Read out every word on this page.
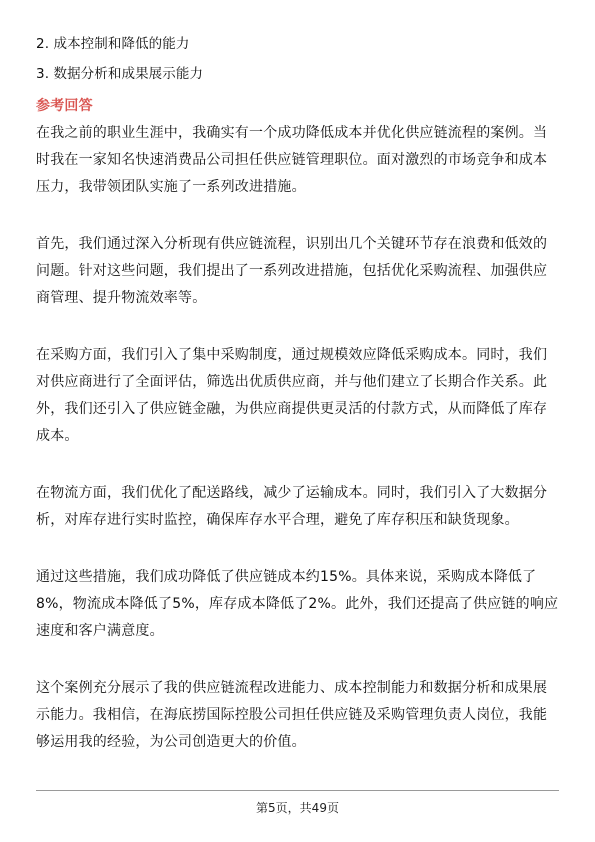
2. 成本控制和降低的能力
3. 数据分析和成果展示能力
参考回答
在我之前的职业生涯中，我确实有一个成功降低成本并优化供应链流程的案例。当
时我在一家知名快速消费品公司担任供应链管理职位。面对激烈的市场竞争和成本
压力，我带领团队实施了一系列改进措施。
首先，我们通过深入分析现有供应链流程，识别出几个关键环节存在浪费和低效的
问题。针对这些问题，我们提出了一系列改进措施，包括优化采购流程、加强供应
商管理、提升物流效率等。
在采购方面，我们引入了集中采购制度，通过规模效应降低采购成本。同时，我们
对供应商进行了全面评估，筛选出优质供应商，并与他们建立了长期合作关系。此
外，我们还引入了供应链金融，为供应商提供更灵活的付款方式，从而降低了库存
成本。
在物流方面，我们优化了配送路线，减少了运输成本。同时，我们引入了大数据分
析，对库存进行实时监控，确保库存水平合理，避免了库存积压和缺货现象。
通过这些措施，我们成功降低了供应链成本约15%。具体来说，采购成本降低了
8%，物流成本降低了5%，库存成本降低了2%。此外，我们还提高了供应链的响应
速度和客户满意度。
这个案例充分展示了我的供应链流程改进能力、成本控制能力和数据分析和成果展
示能力。我相信，在海底捞国际控股公司担任供应链及采购管理负责人岗位，我能
够运用我的经验，为公司创造更大的价值。
第5页，共49页
